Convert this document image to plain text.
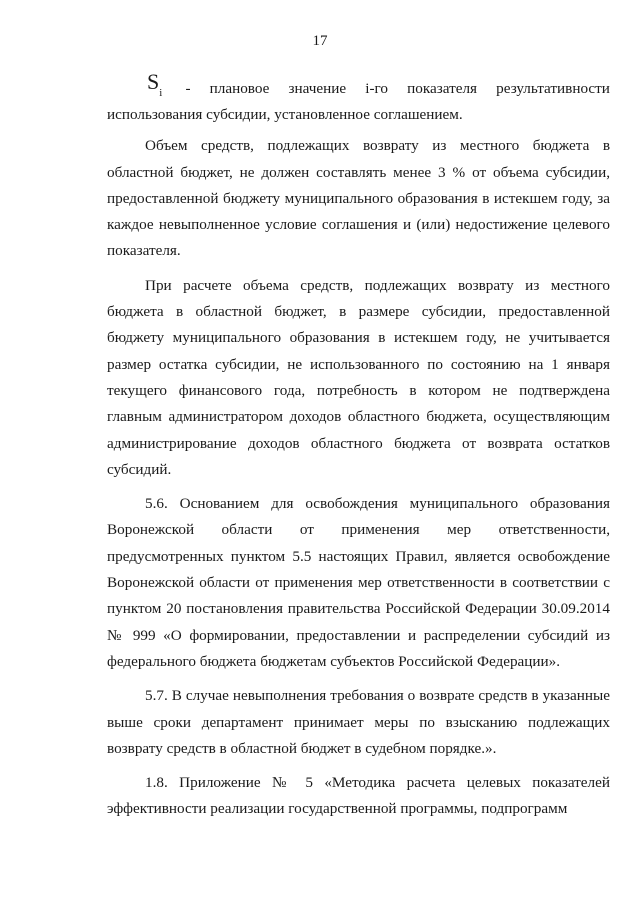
17
$S_i$ - плановое значение i-го показателя результативности

использования субсидии, установленное соглашением.

Объем средств, подлежащих возврату из местного бюджета в областной бюджет, не должен составлять менее 3 % от объема субсидии, предоставленной бюджету муниципального образования в истекшем году, за каждое невыполненное условие соглашения и (или) недостижение целевого показателя.

При расчете объема средств, подлежащих возврату из местного бюджета в областной бюджет, в размере субсидии, предоставленной бюджету муниципального образования в истекшем году, не учитывается размер остатка субсидии, не использованного по состоянию на 1 января текущего финансового года, потребность в котором не подтверждена главным администратором доходов областного бюджета, осуществляющим администрирование доходов областного бюджета от возврата остатков субсидий.

5.6. Основанием для освобождения муниципального образования Воронежской области от применения мер ответственности, предусмотренных пунктом 5.5 настоящих Правил, является освобождение Воронежской области от применения мер ответственности в соответствии с пунктом 20 постановления правительства Российской Федерации 30.09.2014 № 999 «О формировании, предоставлении и распределении субсидий из федерального бюджета бюджетам субъектов Российской Федерации».

5.7. В случае невыполнения требования о возврате средств в указанные выше сроки департамент принимает меры по взысканию подлежащих возврату средств в областной бюджет в судебном порядке.».

1.8. Приложение № 5 «Методика расчета целевых показателей эффективности реализации государственной программы, подпрограмм
